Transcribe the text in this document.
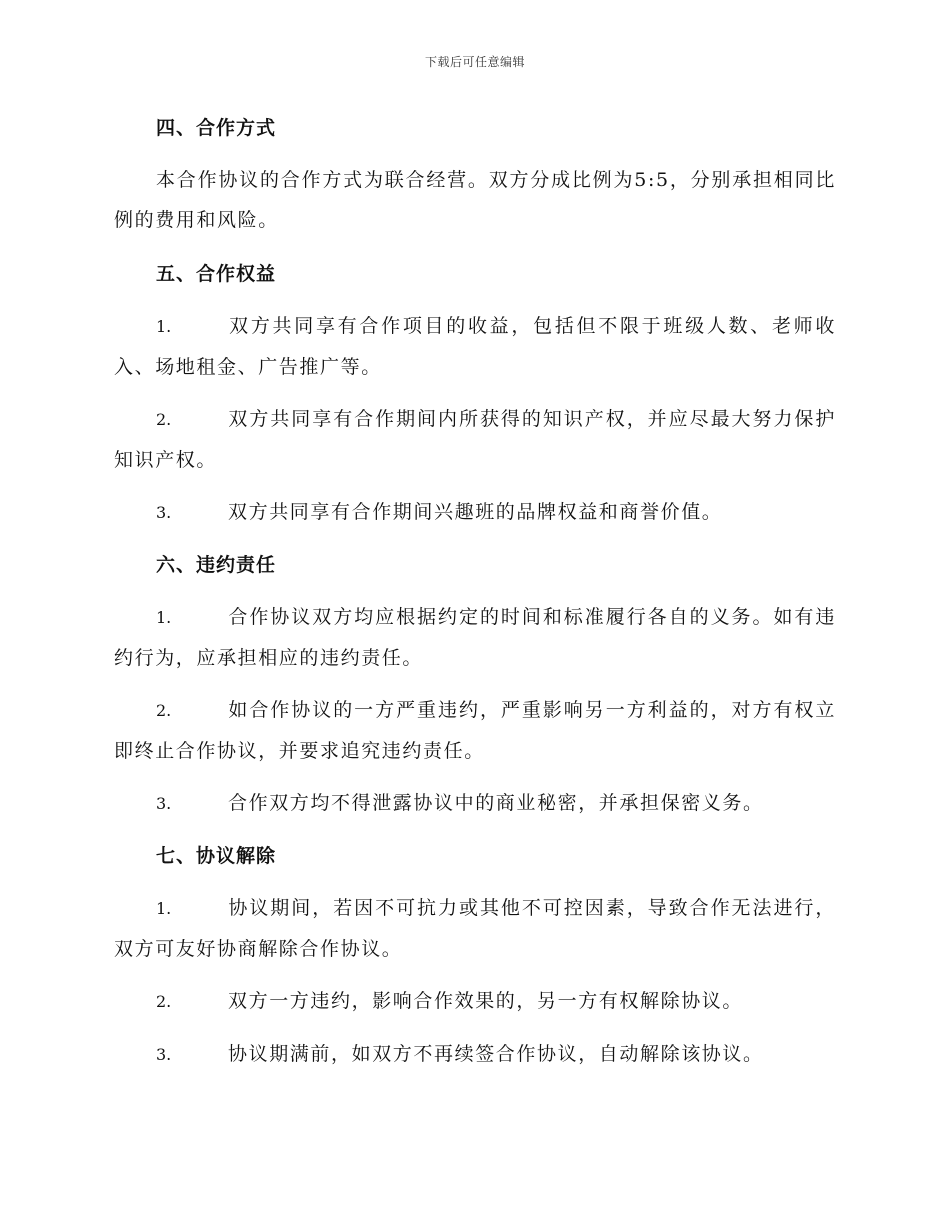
下载后可任意编辑
四、合作方式

本合作协议的合作方式为联合经营。双方分成比例为5:5，分别承担相同比例的费用和风险。

五、合作权益

1.	双方共同享有合作项目的收益，包括但不限于班级人数、老师收入、场地租金、广告推广等。

2.	双方共同享有合作期间内所获得的知识产权，并应尽最大努力保护知识产权。

3.	双方共同享有合作期间兴趣班的品牌权益和商誉价值。

六、违约责任

1.	合作协议双方均应根据约定的时间和标准履行各自的义务。如有违约行为，应承担相应的违约责任。

2.	如合作协议的一方严重违约，严重影响另一方利益的，对方有权立即终止合作协议，并要求追究违约责任。

3.	合作双方均不得泄露协议中的商业秘密，并承担保密义务。

七、协议解除

1.	协议期间，若因不可抗力或其他不可控因素，导致合作无法进行，双方可友好协商解除合作协议。

2.	双方一方违约，影响合作效果的，另一方有权解除协议。

3.	协议期满前，如双方不再续签合作协议，自动解除该协议。
